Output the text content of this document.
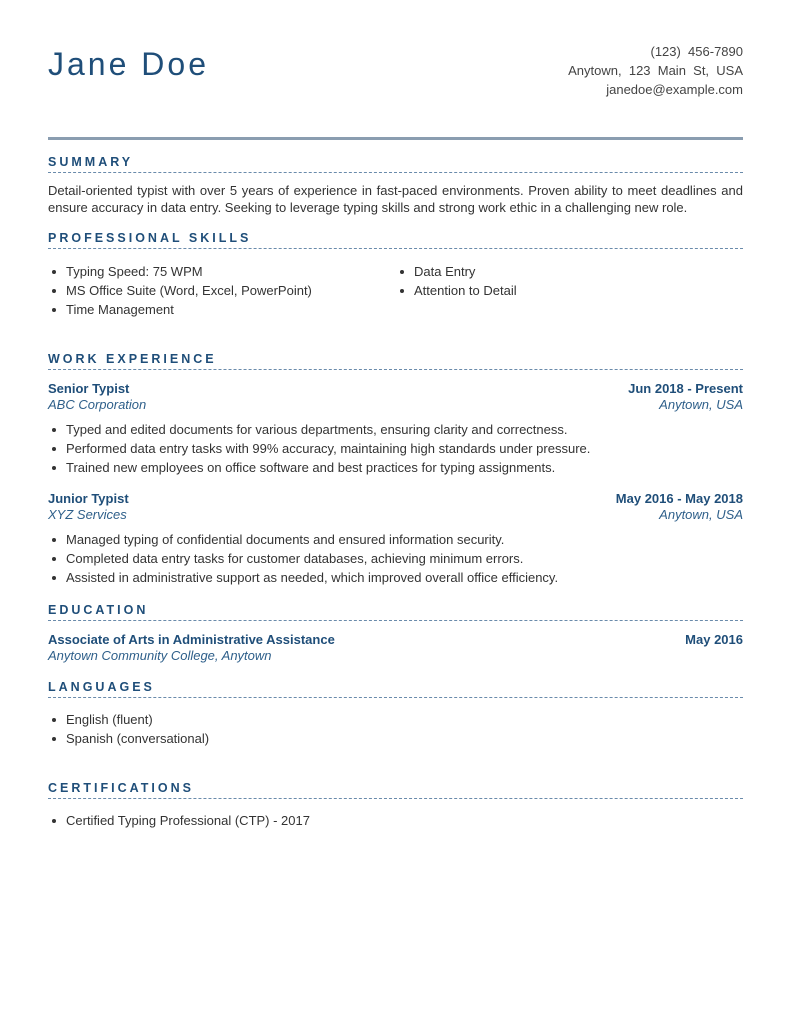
Jane Doe	(123)  456-7890
Anytown,  123  Main  St,  USA
janedoe@example.com
SUMMARY
Detail-oriented typist with over 5 years of experience in fast-paced environments. Proven ability to meet deadlines and ensure accuracy in data entry. Seeking to leverage typing skills and strong work ethic in a challenging new role.
PROFESSIONAL SKILLS
Typing Speed: 75 WPM
MS Office Suite (Word, Excel, PowerPoint)
Time Management
Data Entry
Attention to Detail
WORK EXPERIENCE
Senior Typist	Jun 2018 - Present
ABC Corporation	Anytown, USA
Typed and edited documents for various departments, ensuring clarity and correctness.
Performed data entry tasks with 99% accuracy, maintaining high standards under pressure.
Trained new employees on office software and best practices for typing assignments.
Junior Typist	May 2016 - May 2018
XYZ Services	Anytown, USA
Managed typing of confidential documents and ensured information security.
Completed data entry tasks for customer databases, achieving minimum errors.
Assisted in administrative support as needed, which improved overall office efficiency.
EDUCATION
Associate of Arts in Administrative Assistance	May 2016
Anytown Community College, Anytown
LANGUAGES
English (fluent)
Spanish (conversational)
CERTIFICATIONS
Certified Typing Professional (CTP) - 2017
